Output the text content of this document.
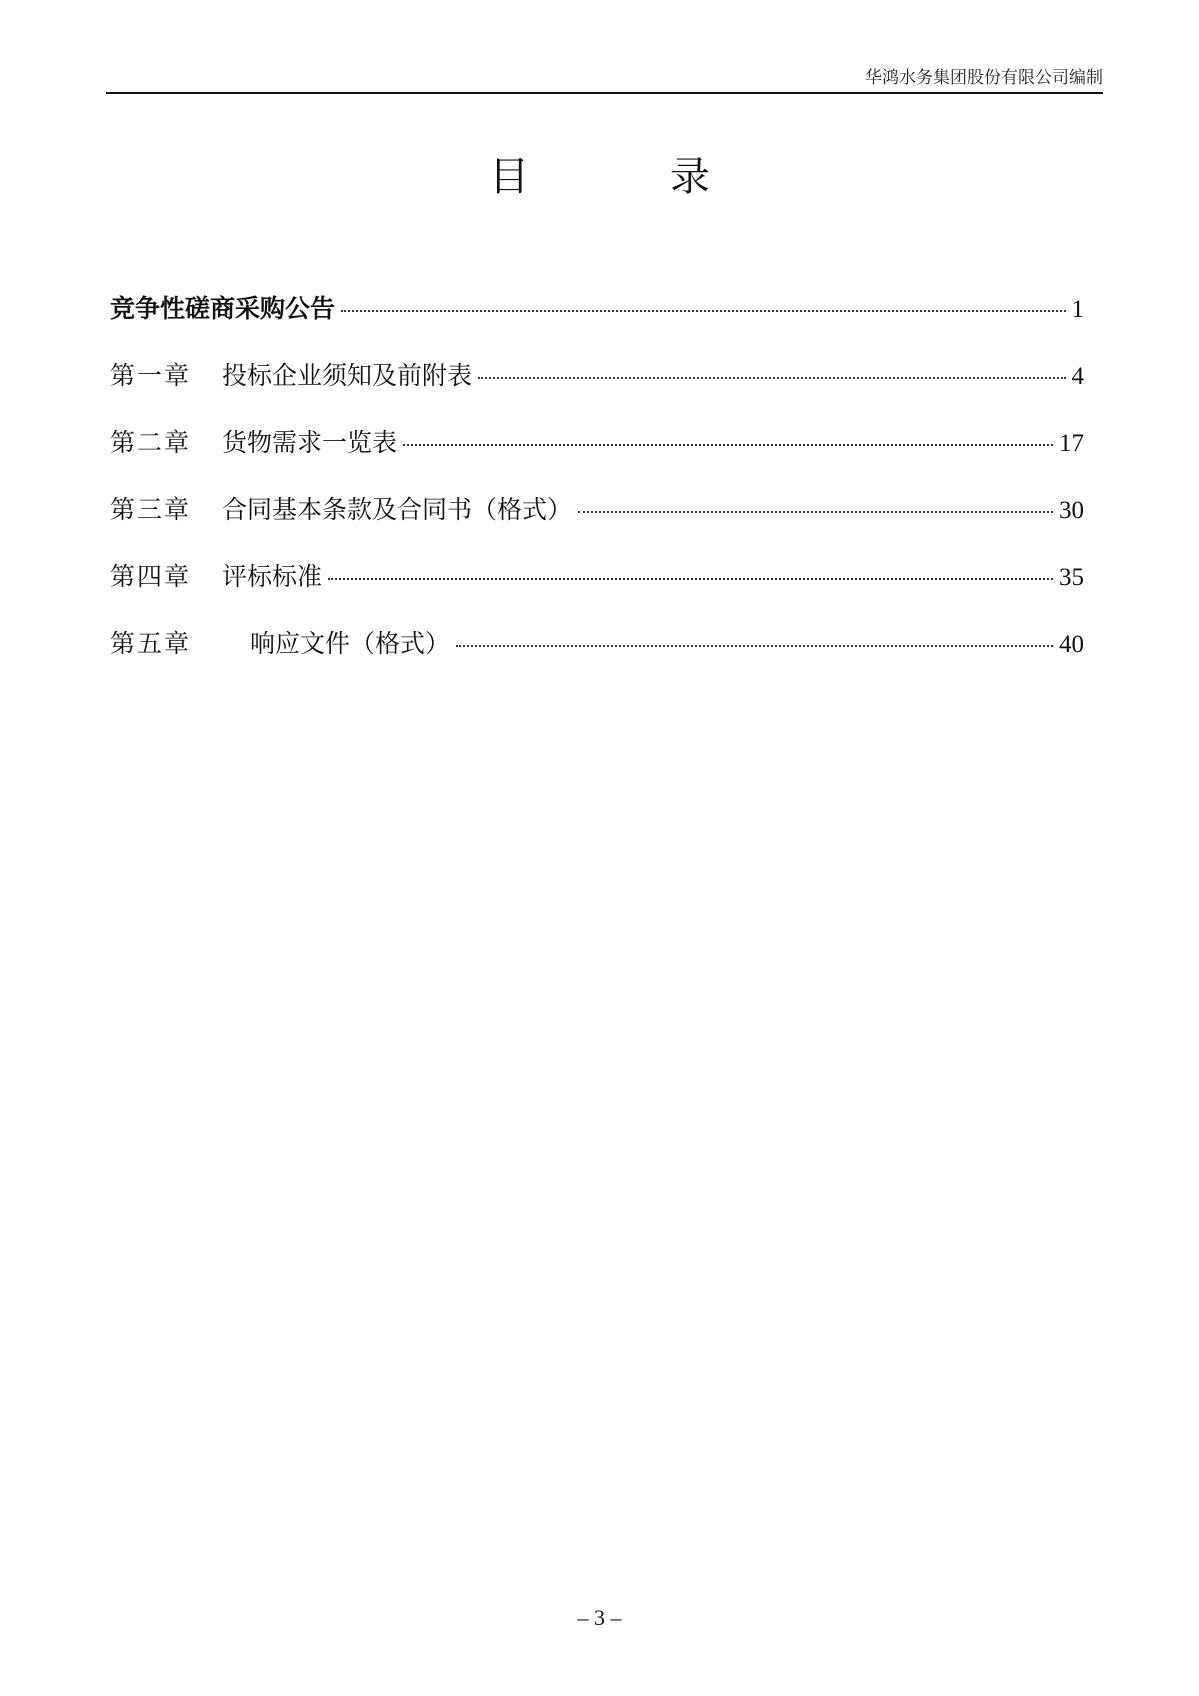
华鸿水务集团股份有限公司编制
目 录
竞争性磋商采购公告	1
第一章	投标企业须知及前附表	4
第二章	货物需求一览表	17
第三章	合同基本条款及合同书（格式）	30
第四章	评标标准	35
第五章	响应文件（格式）	40
– 3 –
